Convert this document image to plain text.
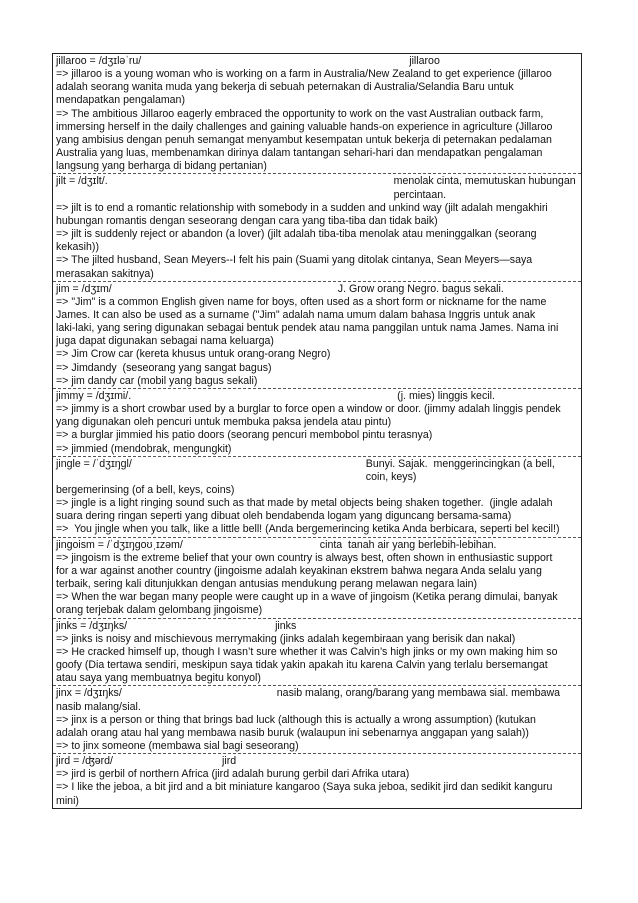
jillaroo = /dʒɪləˈru/	jillaroo

=> jillaroo is a young woman who is working on a farm in Australia/New Zealand to get experience (jillaroo

adalah seorang wanita muda yang bekerja di sebuah peternakan di Australia/Selandia Baru untuk

mendapatkan pengalaman)

=> The ambitious Jillaroo eagerly embraced the opportunity to work on the vast Australian outback farm,

immersing herself in the daily challenges and gaining valuable hands-on experience in agriculture (Jillaroo

yang ambisius dengan penuh semangat menyambut kesempatan untuk bekerja di peternakan pedalaman

Australia yang luas, membenamkan dirinya dalam tantangan sehari-hari dan mendapatkan pengalaman

langsung yang berharga di bidang pertanian)

jilt = /dʒɪlt/.	menolak cinta, memutuskan hubungan percintaan.

=> jilt is to end a romantic relationship with somebody in a sudden and unkind way (jilt adalah mengakhiri

hubungan romantis dengan seseorang dengan cara yang tiba-tiba dan tidak baik)

=> jilt is suddenly reject or abandon (a lover) (jilt adalah tiba-tiba menolak atau meninggalkan (seorang

kekasih))

=> The jilted husband, Sean Meyers--I felt his pain (Suami yang ditolak cintanya, Sean Meyers—saya

merasakan sakitnya)

jim = /dʒɪm/	J. Grow orang Negro. bagus sekali.

=> "Jim" is a common English given name for boys, often used as a short form or nickname for the name

James. It can also be used as a surname ("Jim" adalah nama umum dalam bahasa Inggris untuk anak

laki-laki, yang sering digunakan sebagai bentuk pendek atau nama panggilan untuk nama James. Nama ini

juga dapat digunakan sebagai nama keluarga)

=> Jim Crow car (kereta khusus untuk orang-orang Negro)

=> Jimdandy  (seseorang yang sangat bagus)

=> jim dandy car (mobil yang bagus sekali)

jimmy = /dʒɪmi/.	(j. mies) linggis kecil.

=> jimmy is a short crowbar used by a burglar to force open a window or door. (jimmy adalah linggis pendek

yang digunakan oleh pencuri untuk membuka paksa jendela atau pintu)

=> a burglar jimmied his patio doors (seorang pencuri membobol pintu terasnya)

=> jimmied (mendobrak, mengungkit)

jingle = /ˈdʒɪŋgl/	Bunyi. Sajak.  menggerincingkan (a bell, coin, keys)

bergemerinsing (of a bell, keys, coins)

=> jingle is a light ringing sound such as that made by metal objects being shaken together.  (jingle adalah

suara dering ringan seperti yang dibuat oleh bendabenda logam yang diguncang bersama-sama)

=>  You jingle when you talk, like a little bell! (Anda bergemerincing ketika Anda berbicara, seperti bel kecil!)

jingoism = /ˈdʒɪŋgoʊˌɪzəm/	cinta  tanah air yang berlebih-lebihan.

=> jingoism is the extreme belief that your own country is always best, often shown in enthusiastic support

for a war against another country (jingoisme adalah keyakinan ekstrem bahwa negara Anda selalu yang

terbaik, sering kali ditunjukkan dengan antusias mendukung perang melawan negara lain)

=> When the war began many people were caught up in a wave of jingoism (Ketika perang dimulai, banyak

orang terjebak dalam gelombang jingoisme)

jinks = /dʒɪŋks/	jinks

=> jinks is noisy and mischievous merrymaking (jinks adalah kegembiraan yang berisik dan nakal)

=> He cracked himself up, though I wasn’t sure whether it was Calvin’s high jinks or my own making him so

goofy (Dia tertawa sendiri, meskipun saya tidak yakin apakah itu karena Calvin yang terlalu bersemangat

atau saya yang membuatnya begitu konyol)

jinx = /dʒɪŋks/	nasib malang, orang/barang yang membawa sial. membawa

nasib malang/sial.

=> jinx is a person or thing that brings bad luck (although this is actually a wrong assumption) (kutukan

adalah orang atau hal yang membawa nasib buruk (walaupun ini sebenarnya anggapan yang salah))

=> to jinx someone (membawa sial bagi seseorang)

jird = /ʤərd/	jird

=> jird is gerbil of northern Africa (jird adalah burung gerbil dari Afrika utara)

=> I like the jeboa, a bit jird and a bit miniature kangaroo (Saya suka jeboa, sedikit jird dan sedikit kanguru

mini)
